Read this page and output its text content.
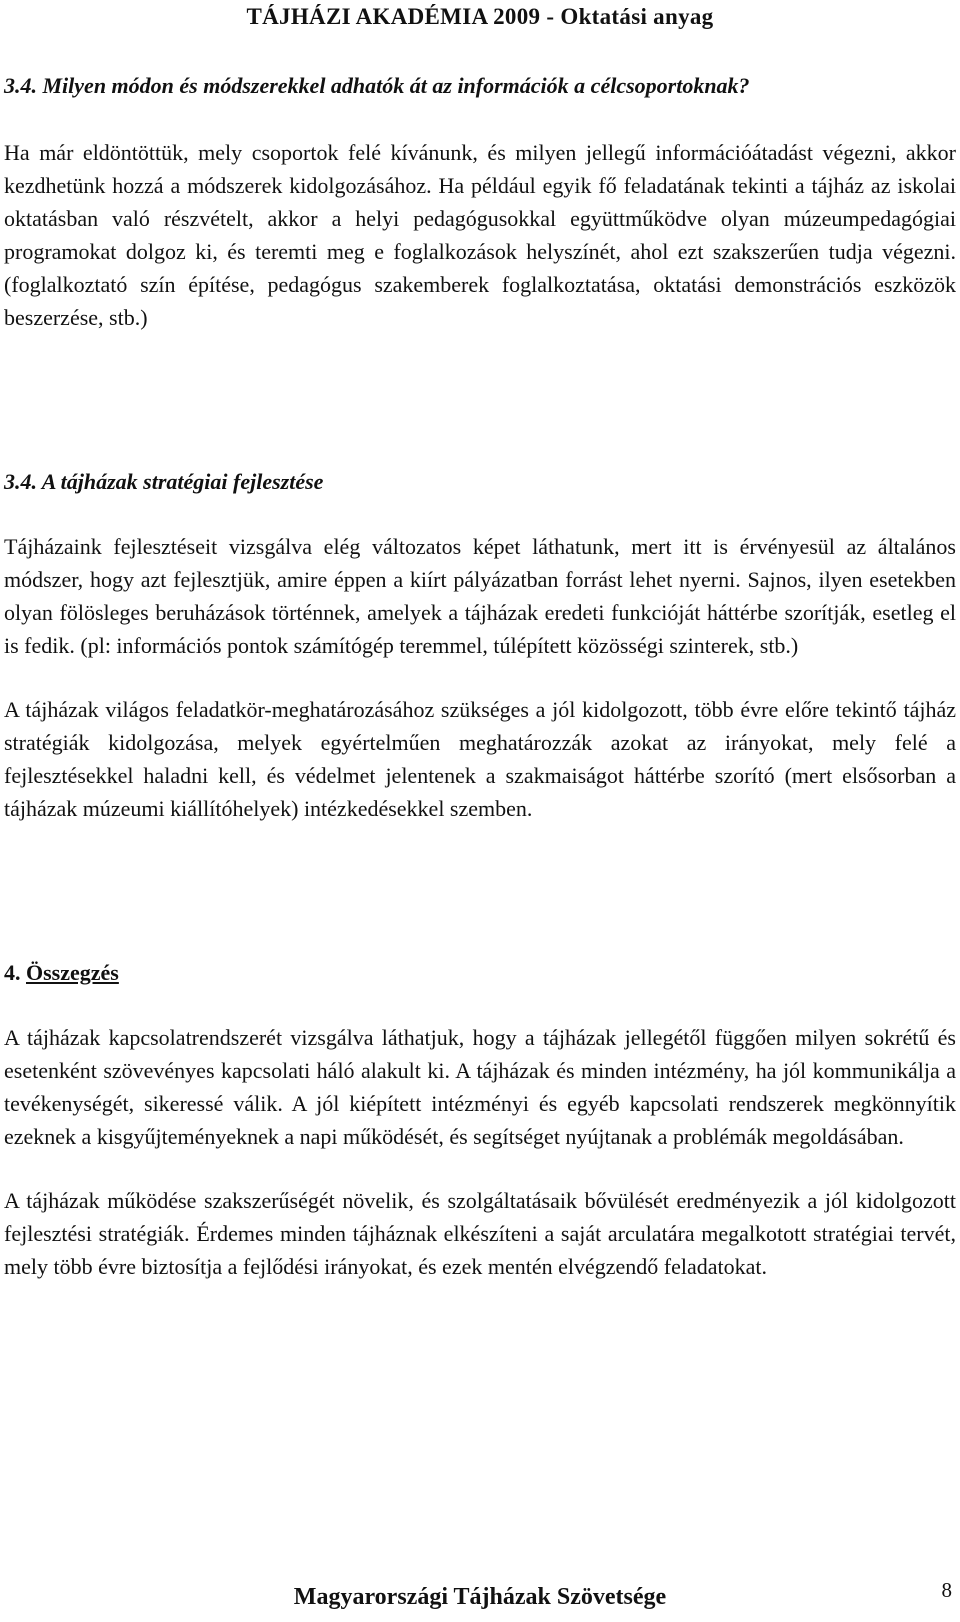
TÁJHÁZI AKADÉMIA 2009 - Oktatási anyag

3.4. Milyen módon és módszerekkel adhatók át az információk a célcsoportoknak?

Ha már eldöntöttük, mely csoportok felé kívánunk, és milyen jellegű információátadást végezni, akkor kezdhetünk hozzá a módszerek kidolgozásához. Ha például egyik fő feladatának tekinti a tájház az iskolai oktatásban való részvételt, akkor a helyi pedagógusokkal együttműködve olyan múzeumpedagógiai programokat dolgoz ki, és teremti meg e foglalkozások helyszínét, ahol ezt szakszerűen tudja végezni. (foglalkoztató szín építése, pedagógus szakemberek foglalkoztatása, oktatási demonstrációs eszközök beszerzése, stb.)

3.4. A tájházak stratégiai fejlesztése

Tájházaink fejlesztéseit vizsgálva elég változatos képet láthatunk, mert itt is érvényesül az általános módszer, hogy azt fejlesztjük, amire éppen a kiírt pályázatban forrást lehet nyerni. Sajnos, ilyen esetekben olyan fölösleges beruházások történnek, amelyek a tájházak eredeti funkcióját háttérbe szorítják, esetleg el is fedik. (pl: információs pontok számítógép teremmel, túlépített közösségi szinterek, stb.)

A tájházak világos feladatkör-meghatározásához szükséges a jól kidolgozott, több évre előre tekintő tájház stratégiák kidolgozása, melyek egyértelműen meghatározzák azokat az irányokat, mely felé a fejlesztésekkel haladni kell, és védelmet jelentenek a szakmaiságot háttérbe szorító (mert elsősorban a tájházak múzeumi kiállítóhelyek) intézkedésekkel szemben.

4. Összegzés

A tájházak kapcsolatrendszerét vizsgálva láthatjuk, hogy a tájházak jellegétől függően milyen sokrétű és esetenként szövevényes kapcsolati háló alakult ki. A tájházak és minden intézmény, ha jól kommunikálja a tevékenységét, sikeressé válik. A jól kiépített intézményi és egyéb kapcsolati rendszerek megkönnyítik ezeknek a kisgyűjteményeknek a napi működését, és segítséget nyújtanak a problémák megoldásában.

A tájházak működése szakszerűségét növelik, és szolgáltatásaik bővülését eredményezik a jól kidolgozott fejlesztési stratégiák. Érdemes minden tájháznak elkészíteni a saját arculatára megalkotott stratégiai tervét, mely több évre biztosítja a fejlődési irányokat, és ezek mentén elvégzendő feladatokat.

Magyarországi Tájházak Szövetsége	8
